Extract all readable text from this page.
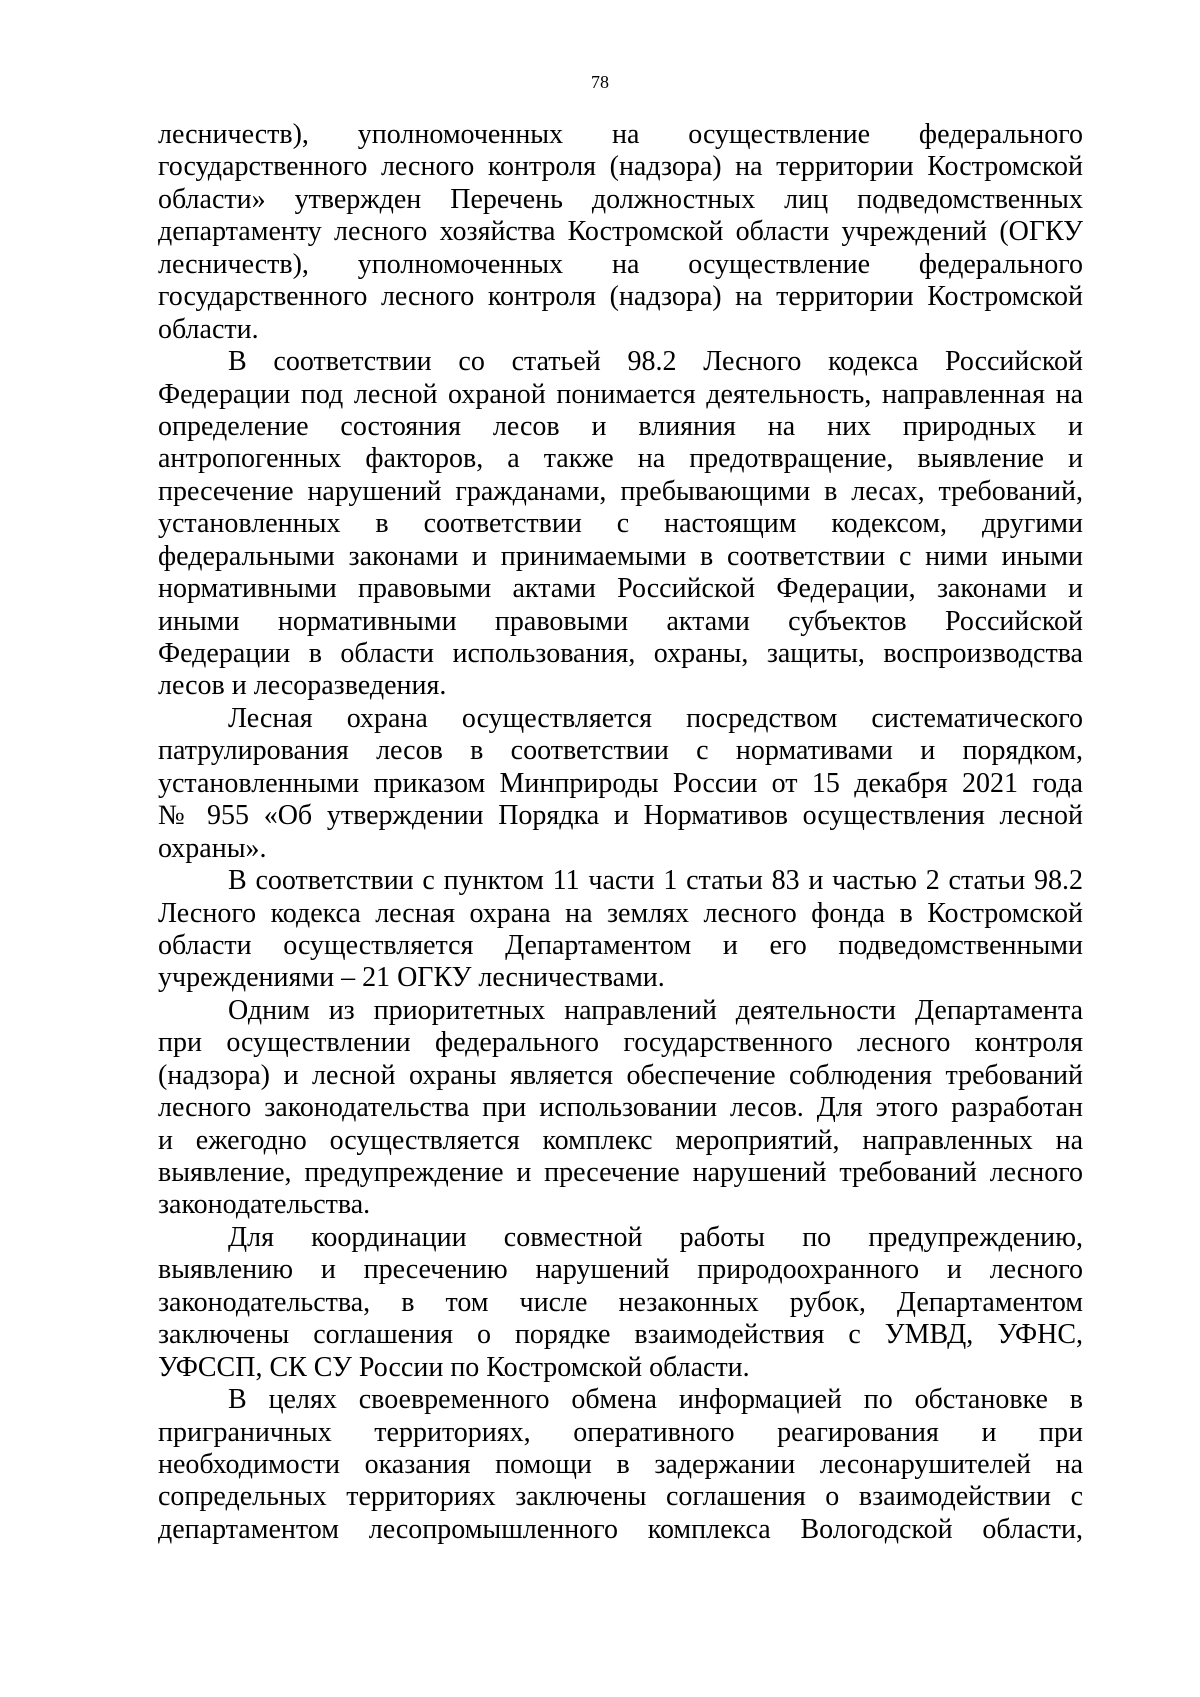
78
лесничеств), уполномоченных на осуществление федерального
государственного лесного контроля (надзора) на территории Костромской
области» утвержден Перечень должностных лиц подведомственных
департаменту лесного хозяйства Костромской области учреждений (ОГКУ
лесничеств), уполномоченных на осуществление федерального
государственного лесного контроля (надзора) на территории Костромской
области.
В соответствии со статьей 98.2 Лесного кодекса Российской
Федерации под лесной охраной понимается деятельность, направленная на
определение состояния лесов и влияния на них природных и
антропогенных факторов, а также на предотвращение, выявление и
пресечение нарушений гражданами, пребывающими в лесах, требований,
установленных в соответствии с настоящим кодексом, другими
федеральными законами и принимаемыми в соответствии с ними иными
нормативными правовыми актами Российской Федерации, законами и
иными нормативными правовыми актами субъектов Российской
Федерации в области использования, охраны, защиты, воспроизводства
лесов и лесоразведения.
Лесная охрана осуществляется посредством систематического
патрулирования лесов в соответствии с нормативами и порядком,
установленными приказом Минприроды России от 15 декабря 2021 года
№ 955 «Об утверждении Порядка и Нормативов осуществления лесной
охраны».
В соответствии с пунктом 11 части 1 статьи 83 и частью 2 статьи 98.2
Лесного кодекса лесная охрана на землях лесного фонда в Костромской
области осуществляется Департаментом и его подведомственными
учреждениями – 21 ОГКУ лесничествами.
Одним из приоритетных направлений деятельности Департамента
при осуществлении федерального государственного лесного контроля
(надзора) и лесной охраны является обеспечение соблюдения требований
лесного законодательства при использовании лесов. Для этого разработан
и ежегодно осуществляется комплекс мероприятий, направленных на
выявление, предупреждение и пресечение нарушений требований лесного
законодательства.
Для координации совместной работы по предупреждению,
выявлению и пресечению нарушений природоохранного и лесного
законодательства, в том числе незаконных рубок, Департаментом
заключены соглашения о порядке взаимодействия с УМВД, УФНС,
УФССП, СК СУ России по Костромской области.
В целях своевременного обмена информацией по обстановке в
приграничных территориях, оперативного реагирования и при
необходимости оказания помощи в задержании лесонарушителей на
сопредельных территориях заключены соглашения о взаимодействии с
департаментом лесопромышленного комплекса Вологодской области,
